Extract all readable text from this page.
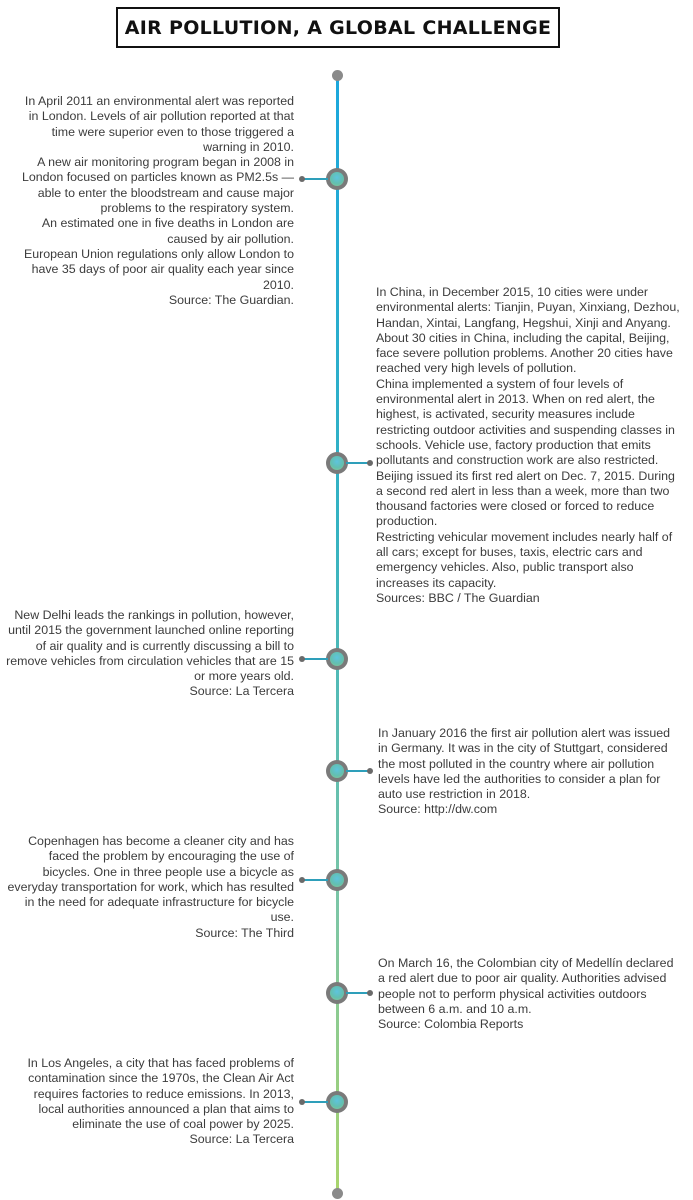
AIR POLLUTION, A GLOBAL CHALLENGE

In April 2011 an environmental alert was reported in London. Levels of air pollution reported at that time were superior even to those triggered a warning in 2010.

A new air monitoring program began in 2008 in London focused on particles known as PM2.5s — able to enter the bloodstream and cause major problems to the respiratory system.

An estimated one in five deaths in London are caused by air pollution.

European Union regulations only allow London to have 35 days of poor air quality each year since 2010.

Source: The Guardian.

In China, in December 2015, 10 cities were under environmental alerts: Tianjin, Puyan, Xinxiang, Dezhou, Handan, Xintai, Langfang, Hegshui, Xinji and Anyang.

About 30 cities in China, including the capital, Beijing, face severe pollution problems. Another 20 cities have reached very high levels of pollution.

China implemented a system of four levels of environmental alert in 2013. When on red alert, the highest, is activated, security measures include restricting outdoor activities and suspending classes in schools. Vehicle use, factory production that emits pollutants and construction work are also restricted.

Beijing issued its first red alert on Dec. 7, 2015. During a second red alert in less than a week, more than two thousand factories were closed or forced to reduce production.

Restricting vehicular movement includes nearly half of all cars; except for buses, taxis, electric cars and emergency vehicles. Also, public transport also increases its capacity.

Sources: BBC / The Guardian

New Delhi leads the rankings in pollution, however, until 2015 the government launched online reporting of air quality and is currently discussing a bill to remove vehicles from circulation vehicles that are 15 or more years old.

Source: La Tercera

In January 2016 the first air pollution alert was issued in Germany. It was in the city of Stuttgart, considered the most polluted in the country where air pollution levels have led the authorities to consider a plan for auto use restriction in 2018.

Source: http://dw.com

Copenhagen has become a cleaner city and has faced the problem by encouraging the use of bicycles. One in three people use a bicycle as everyday transportation for work, which has resulted in the need for adequate infrastructure for bicycle use.

Source: The Third

On March 16, the Colombian city of Medellín declared a red alert due to poor air quality. Authorities advised people not to perform physical activities outdoors between 6 a.m. and 10 a.m.

Source: Colombia Reports

In Los Angeles, a city that has faced problems of contamination since the 1970s, the Clean Air Act requires factories to reduce emissions. In 2013, local authorities announced a plan that aims to eliminate the use of coal power by 2025.

Source: La Tercera
